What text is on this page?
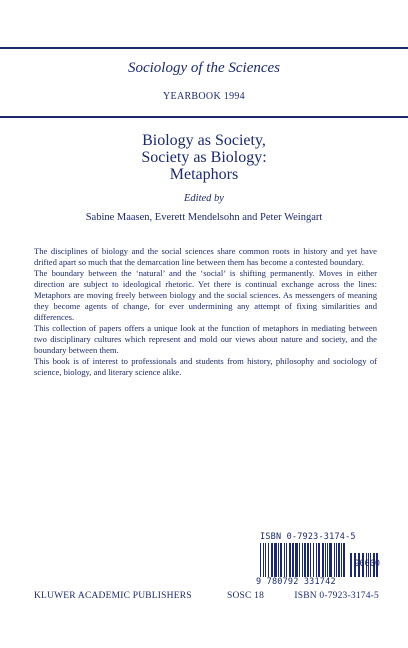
Sociology of the Sciences
YEARBOOK 1994
Biology as Society,
Society as Biology:
Metaphors
Edited by
Sabine Maasen, Everett Mendelsohn and Peter Weingart

The disciplines of biology and the social sciences share common roots in history and yet have drifted apart so much that the demarcation line between them has become a contested boundary.

The boundary between the ‘natural’ and the ‘social’ is shifting permanently. Moves in either direction are subject to ideological rhetoric. Yet there is continual exchange across the lines: Metaphors are moving freely between biology and the social sciences. As messengers of meaning they become agents of change, for ever undermining any attempt of fixing similarities and differences.

This collection of papers offers a unique look at the function of metaphors in mediating between two disciplinary cultures which represent and mold our views about nature and society, and the boundary between them.

This book is of interest to professionals and students from history, philosophy and sociology of science, biology, and literary science alike.

ISBN 0-7923-3174-5
9 780792 331742
90000
KLUWER ACADEMIC PUBLISHERS	SOSC 18	ISBN 0-7923-3174-5
